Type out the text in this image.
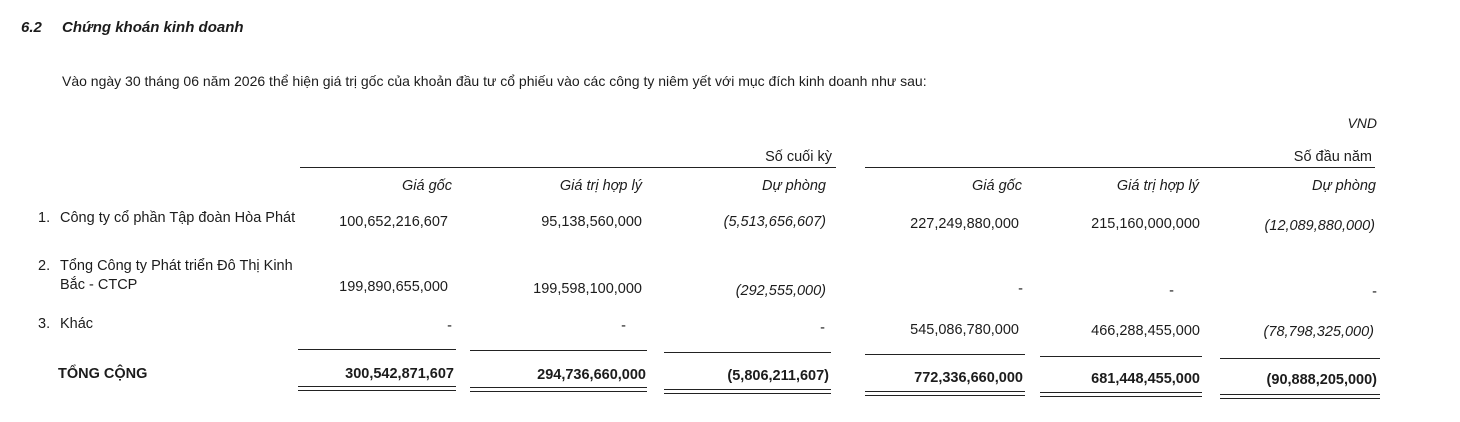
6.2 Chứng khoán kinh doanh
Vào ngày 30 tháng 06 năm 2026 thể hiện giá trị gốc của khoản đầu tư cổ phiếu vào các công ty niêm yết với mục đích kinh doanh như sau:
VND
Số cuối kỳ	Số đầu năm
Giá gốc	Giá trị hợp lý	Dự phòng	Giá gốc	Giá trị hợp lý	Dự phòng
1. Công ty cổ phần Tập đoàn Hòa Phát	100,652,216,607	95,138,560,000	(5,513,656,607)	227,249,880,000	215,160,000,000	(12,089,880,000)
2. Tổng Công ty Phát triển Đô Thị Kinh Bắc - CTCP	199,890,655,000	199,598,100,000	(292,555,000)	-	-	-
3. Khác	-	-	-	545,086,780,000	466,288,455,000	(78,798,325,000)
TỔNG CỘNG	300,542,871,607	294,736,660,000	(5,806,211,607)	772,336,660,000	681,448,455,000	(90,888,205,000)
